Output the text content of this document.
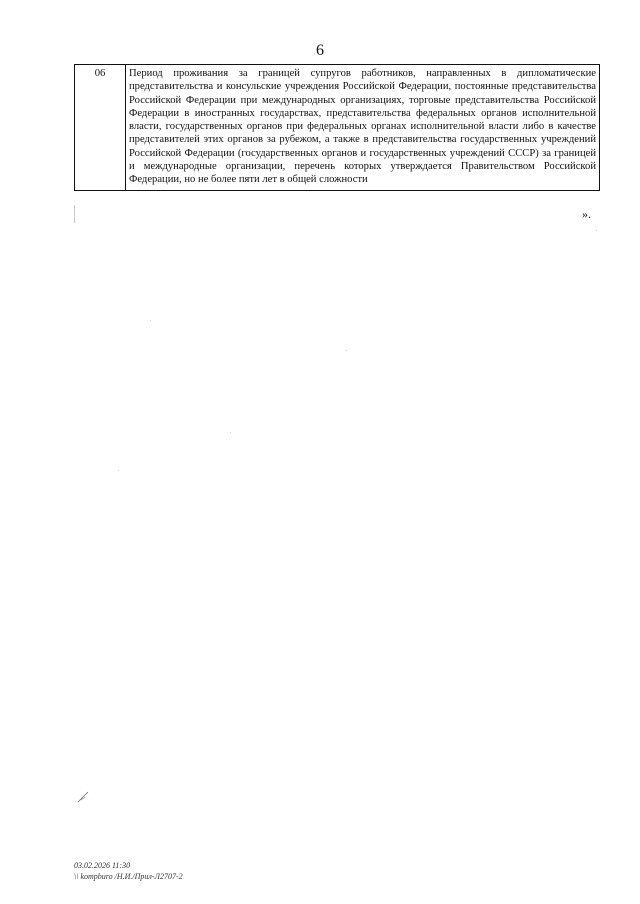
6
06	Период проживания за границей супругов работников, направленных в дипломатические представительства и консульские учреждения Российской Федерации, постоянные представительства Российской Федерации при международных организациях, торговые представительства Российской Федерации в иностранных государствах, представительства федеральных органов исполнительной власти, государственных органов при федеральных органах исполнительной власти либо в качестве представителей этих органов за рубежом, а также в представительства государственных учреждений Российской Федерации (государственных органов и государственных учреждений СССР) за границей и международные организации, перечень которых утверждается Правительством Российской Федерации, но не более пяти лет в общей сложности
».
03.02.2026 11:30
\\ kompburo /Н.И./Прил-Л2707-2
